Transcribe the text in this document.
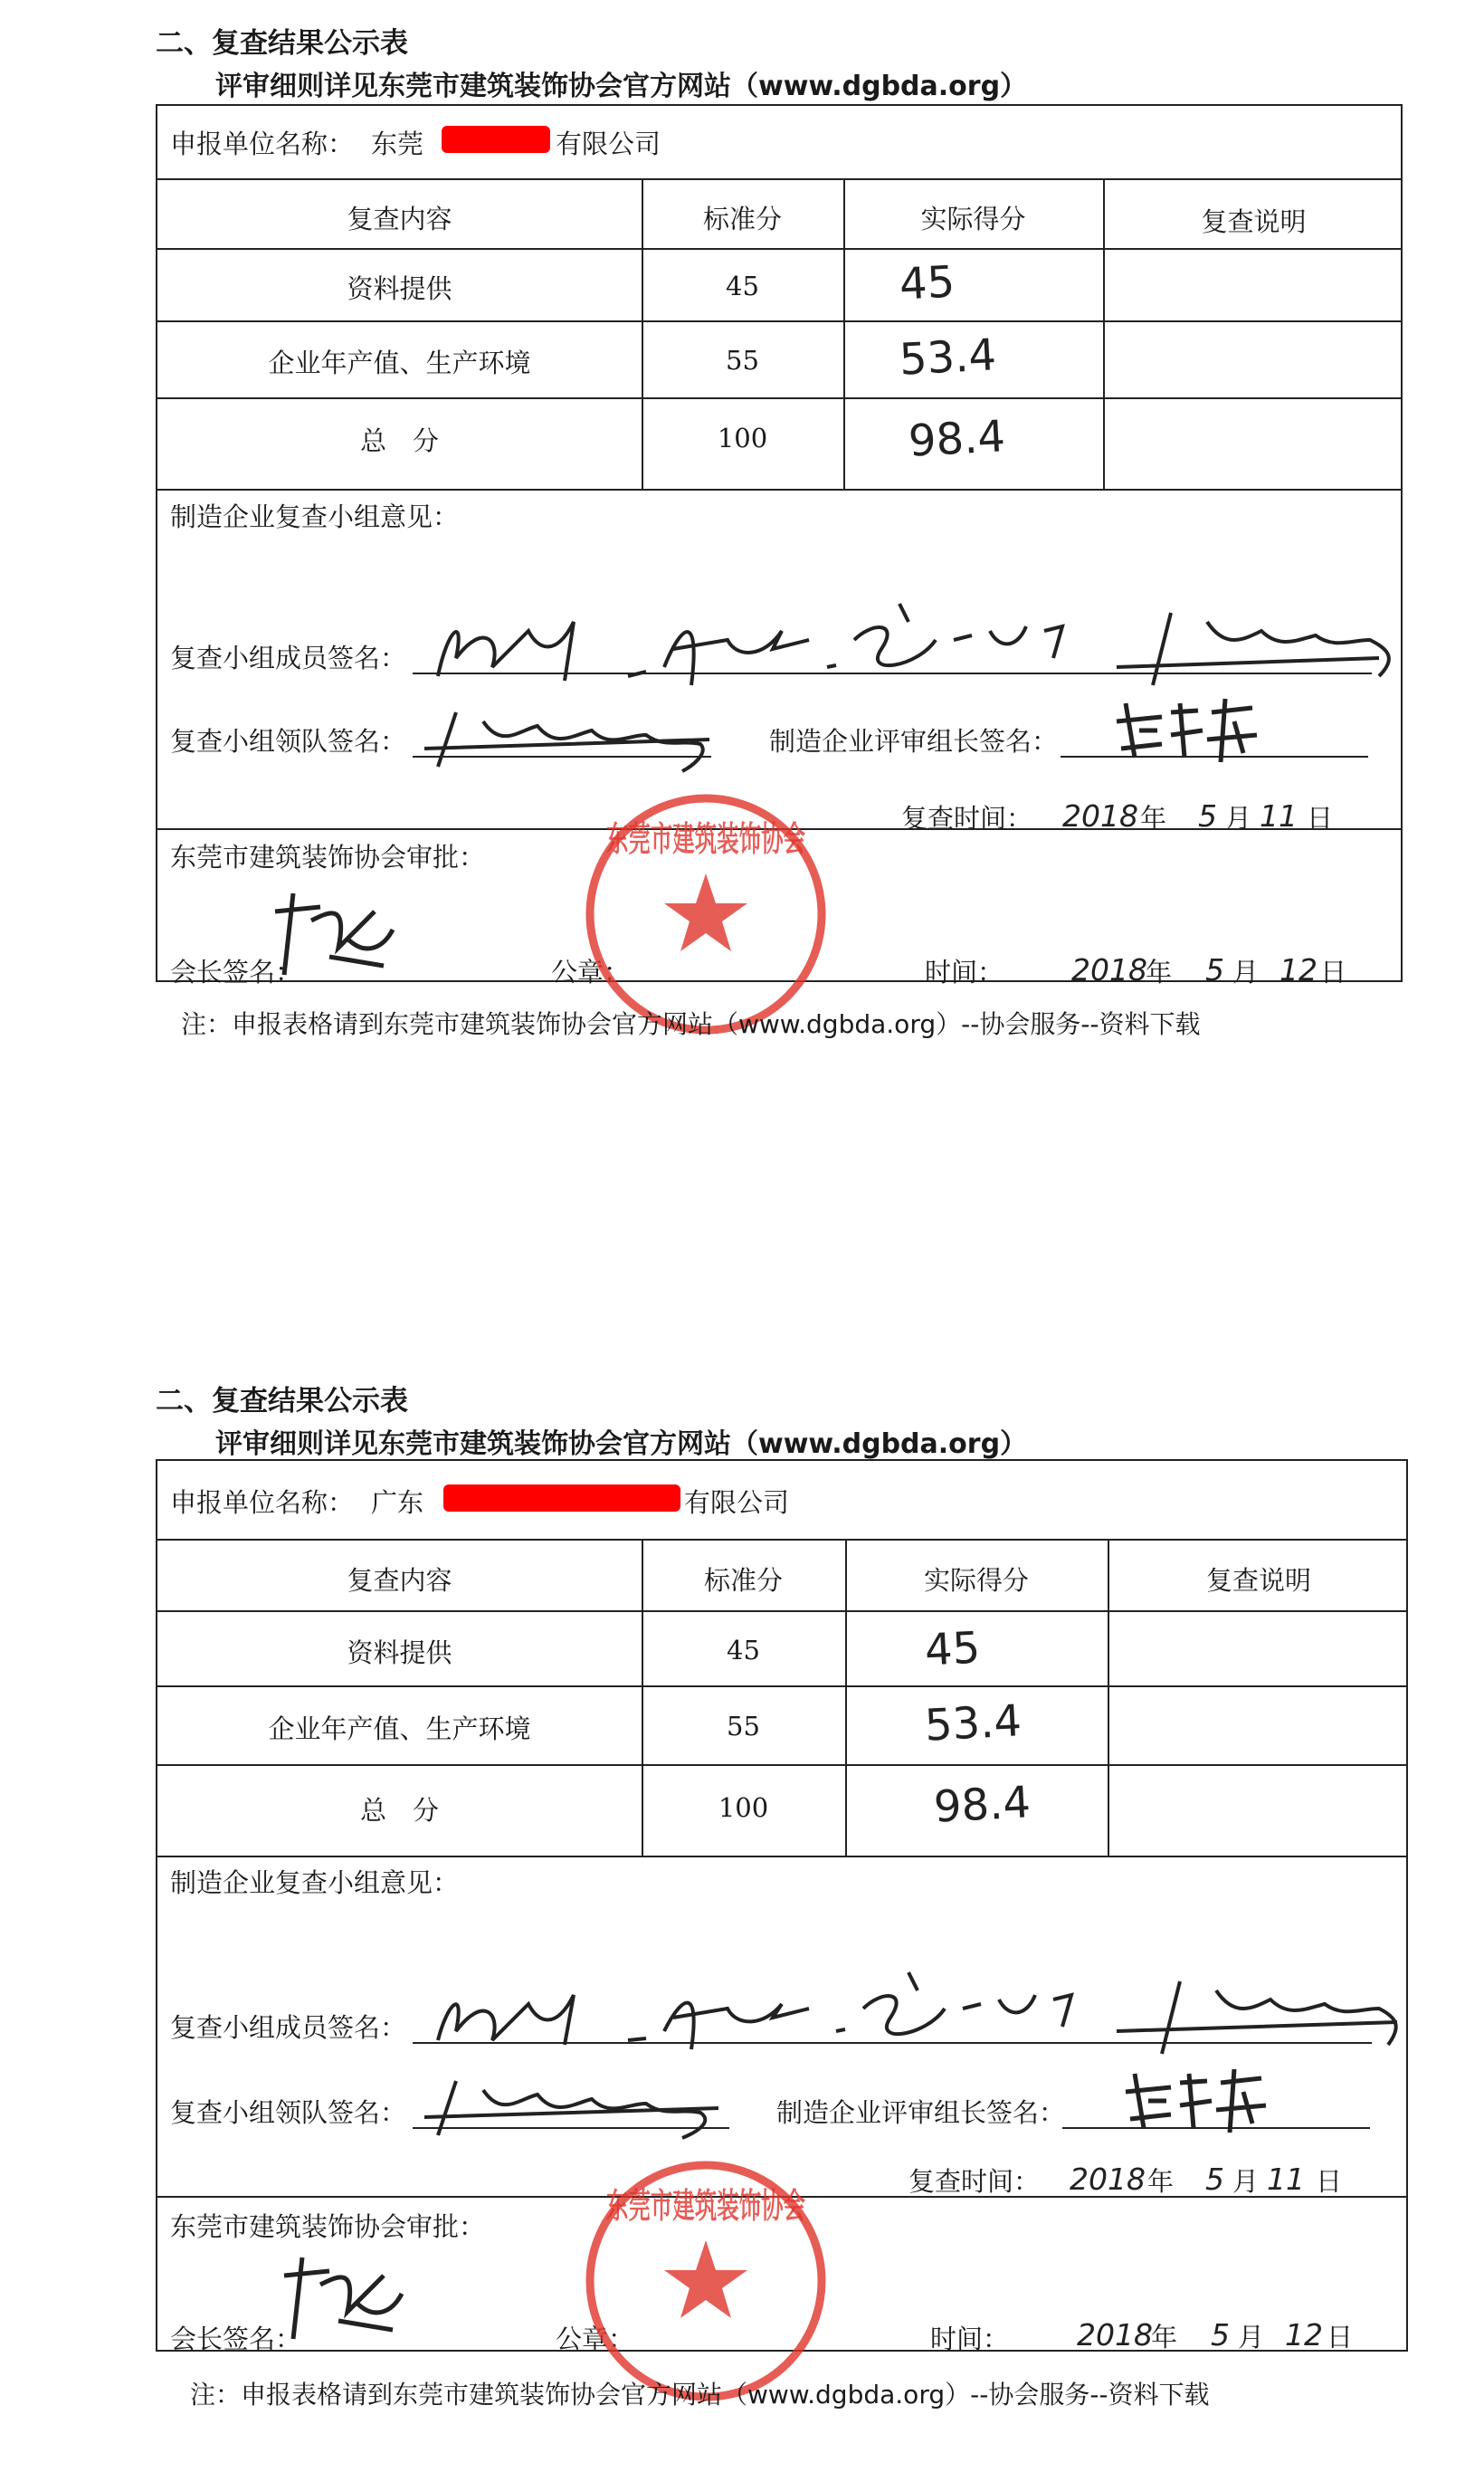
二、复查结果公示表
评审细则详见东莞市建筑装饰协会官方网站（www.dgbda.org）
申报单位名称： 东莞	有限公司
复查内容	标准分	实际得分	复查说明
资料提供	45	45
企业年产值、生产环境	55	53.4
总　分	100	98.4
制造企业复查小组意见：
复查小组成员签名：
复查小组领队签名：	制造企业评审组长签名：
复查时间： 2018 年 5 月 11 日
东莞市建筑装饰协会审批：
会长签名：	公章：	时间： 2018
年 5 月 12 日
东莞市建筑装饰协会
注：申报表格请到东莞市建筑装饰协会官方网站（www.dgbda.org）--协会服务--资料下载
二、复查结果公示表
评审细则详见东莞市建筑装饰协会官方网站（www.dgbda.org）
申报单位名称： 广东	有限公司
复查内容	标准分	实际得分	复查说明
资料提供	45	45
企业年产值、生产环境	55	53.4
总　分	100	98.4
制造企业复查小组意见：
复查小组成员签名：
复查小组领队签名：	制造企业评审组长签名：
复查时间： 2018 年 5 月 11 日
东莞市建筑装饰协会审批：
会长签名：	公章：	时间： 2018
年 5 月 12 日
东莞市建筑装饰协会
注：申报表格请到东莞市建筑装饰协会官方网站（www.dgbda.org）--协会服务--资料下载
